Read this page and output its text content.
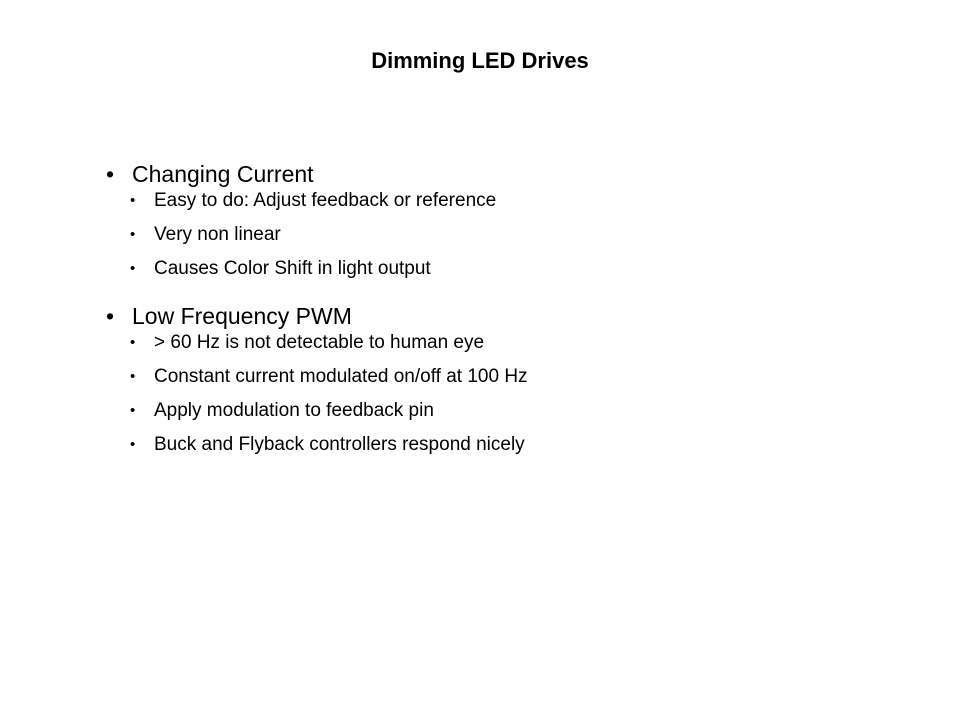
Dimming LED Drives
• Changing Current
• Easy to do: Adjust feedback or reference
• Very non linear
• Causes Color Shift in light output
• Low Frequency PWM
• > 60 Hz is not detectable to human eye
• Constant current modulated on/off at 100 Hz
• Apply modulation to feedback pin
• Buck and Flyback controllers respond nicely
